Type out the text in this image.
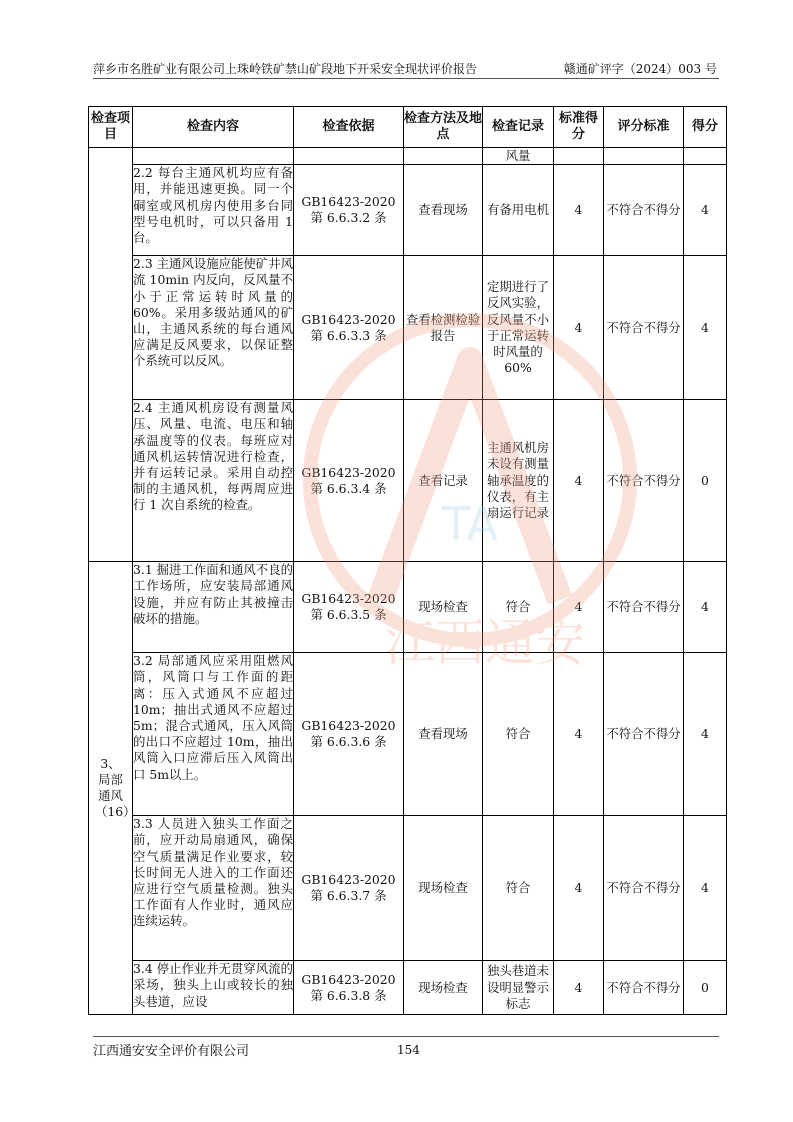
萍乡市名胜矿业有限公司上珠岭铁矿禁山矿段地下开采安全现状评价报告	赣通矿评字（2024）003 号
检查项目	检查内容	检查依据	检查方法及地点	检查记录	标准得分	评分标准	得分
				风量			
	2.2 每台主通风机均应有备用，并能迅速更换。同一个硐室或风机房内使用多台同型号电机时，可以只备用 1 台。	GB16423-2020 第 6.6.3.2 条	查看现场	有备用电机	4	不符合不得分	4
	2.3 主通风设施应能使矿井风流 10min 内反向，反风量不小于正常运转时风量的 60%。采用多级站通风的矿山，主通风系统的每台通风应满足反风要求，以保证整个系统可以反风。	GB16423-2020 第 6.6.3.3 条	查看检测检验报告	定期进行了反风实验，反风量不小于正常运转时风量的 60%	4	不符合不得分	4
	2.4 主通风机房设有测量风压、风量、电流、电压和轴承温度等的仪表。每班应对通风机运转情况进行检查，并有运转记录。采用自动控制的主通风机，每两周应进行 1 次自系统的检查。	GB16423-2020 第 6.6.3.4 条	查看记录	主通风机房未设有测量轴承温度的仪表，有主扇运行记录	4	不符合不得分	0
3、局部通风（16）	3.1 掘进工作面和通风不良的工作场所，应安装局部通风设施，并应有防止其被撞击破坏的措施。	GB16423-2020 第 6.6.3.5 条	现场检查	符合	4	不符合不得分	4
	3.2 局部通风应采用阻燃风筒，风筒口与工作面的距离：压入式通风不应超过 10m；抽出式通风不应超过 5m；混合式通风，压入风筒的出口不应超过 10m，抽出风筒入口应滞后压入风筒出口 5m以上。	GB16423-2020 第 6.6.3.6 条	查看现场	符合	4	不符合不得分	4
	3.3 人员进入独头工作面之前，应开动局扇通风，确保空气质量满足作业要求，较长时间无人进入的工作面还应进行空气质量检测。独头工作面有人作业时，通风应连续运转。	GB16423-2020 第 6.6.3.7 条	现场检查	符合	4	不符合不得分	4
	3.4 停止作业并无贯穿风流的采场，独头上山或较长的独头巷道，应设	GB16423-2020 第 6.6.3.8 条	现场检查	独头巷道未设明显警示标志	4	不符合不得分	0
TA
江西通安
江西通安安全评价有限公司	154
